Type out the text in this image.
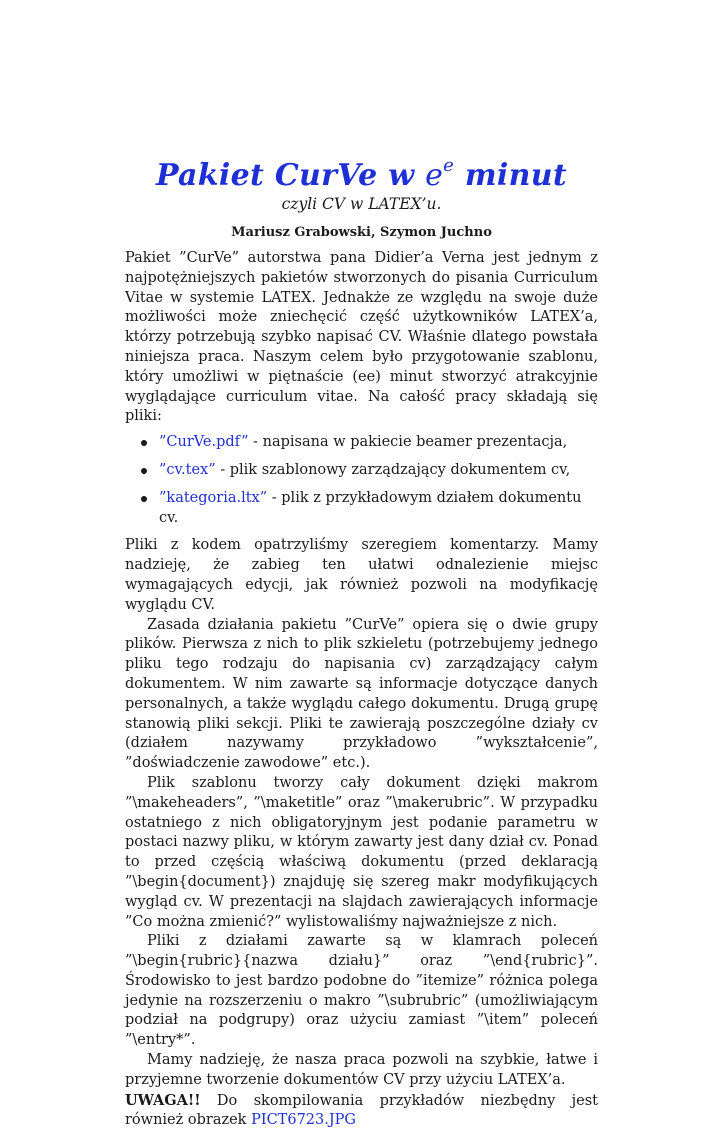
Pakiet CurVe w $e^e$ minut
czyli CV w LATEX’u.
Mariusz Grabowski, Szymon Juchno

Pakiet ”CurVe” autorstwa pana Didier’a Verna jest jednym z najpotężniejszych pakietów stworzonych do pisania Curriculum Vitae w systemie LATEX. Jednakże ze względu na swoje duże możliwości może zniechęcić część użytkowników LATEX’a, którzy potrzebują szybko napisać CV. Właśnie dlatego powstała niniejsza praca. Naszym celem było przygotowanie szablonu, który umożliwi w piętnaście (ee) minut stworzyć atrakcyjnie wyglądające curriculum vitae. Na całość pracy składają się pliki:

”CurVe.pdf” - napisana w pakiecie beamer prezentacja,
”cv.tex” - plik szablonowy zarządzający dokumentem cv,
”kategoria.ltx” - plik z przykładowym działem dokumentu cv.

Pliki z kodem opatrzyliśmy szeregiem komentarzy. Mamy nadzieję, że zabieg ten ułatwi odnalezienie miejsc wymagających edycji, jak również pozwoli na modyfikację wyglądu CV.

Zasada działania pakietu ”CurVe” opiera się o dwie grupy plików. Pierwsza z nich to plik szkieletu (potrzebujemy jednego pliku tego rodzaju do napisania cv) zarządzający całym dokumentem. W nim zawarte są informacje dotyczące danych personalnych, a także wyglądu całego dokumentu. Drugą grupę stanowią pliki sekcji. Pliki te zawierają poszczególne działy cv (działem nazywamy przykładowo ”wykształcenie”, ”doświadczenie zawodowe” etc.).

Plik szablonu tworzy cały dokument dzięki makrom ”\makeheaders”, ”\maketitle” oraz ”\makerubric”. W przypadku ostatniego z nich obligatoryjnym jest podanie parametru w postaci nazwy pliku, w którym zawarty jest dany dział cv. Ponad to przed częścią właściwą dokumentu (przed deklaracją ”\begin{document}) znajduję się szereg makr modyfikujących wygląd cv. W prezentacji na slajdach zawierających informacje ”Co można zmienić?” wylistowaliśmy najważniejsze z nich.

Pliki z działami zawarte są w klamrach poleceń ”\begin{rubric}{nazwa działu}” oraz ”\end{rubric}”. Środowisko to jest bardzo podobne do ”itemize” różnica polega jedynie na rozszerzeniu o makro ”\subrubric” (umożliwiającym podział na podgrupy) oraz użyciu zamiast ”\item” poleceń ”\entry*”.

Mamy nadzieję, że nasza praca pozwoli na szybkie, łatwe i przyjemne tworzenie dokumentów CV przy użyciu LATEX’a.

UWAGA!! Do skompilowania przykładów niezbędny jest również obrazek PICT6723.JPG
